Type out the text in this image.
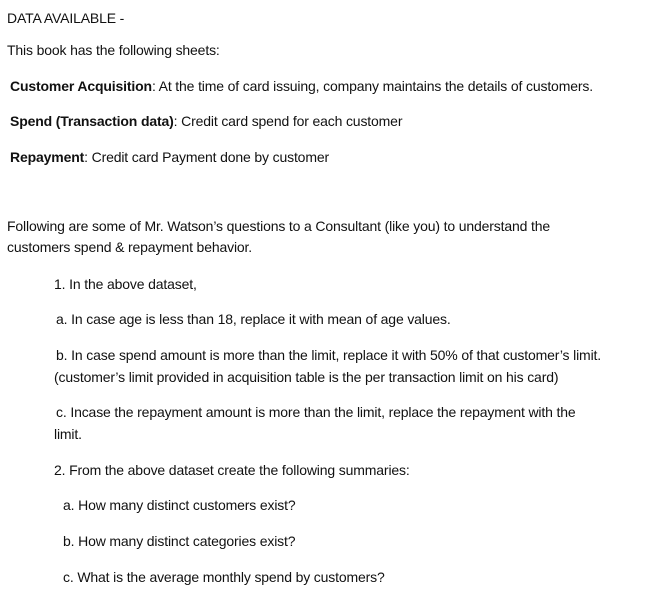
DATA AVAILABLE -
This book has the following sheets:
Customer Acquisition: At the time of card issuing, company maintains the details of customers.
Spend (Transaction data): Credit card spend for each customer
Repayment: Credit card Payment done by customer
Following are some of Mr. Watson’s questions to a Consultant (like you) to understand the
customers spend & repayment behavior.
1. In the above dataset,
a. In case age is less than 18, replace it with mean of age values.
b. In case spend amount is more than the limit, replace it with 50% of that customer’s limit.
(customer’s limit provided in acquisition table is the per transaction limit on his card)
c. Incase the repayment amount is more than the limit, replace the repayment with the
limit.
2. From the above dataset create the following summaries:
a. How many distinct customers exist?
b. How many distinct categories exist?
c. What is the average monthly spend by customers?
